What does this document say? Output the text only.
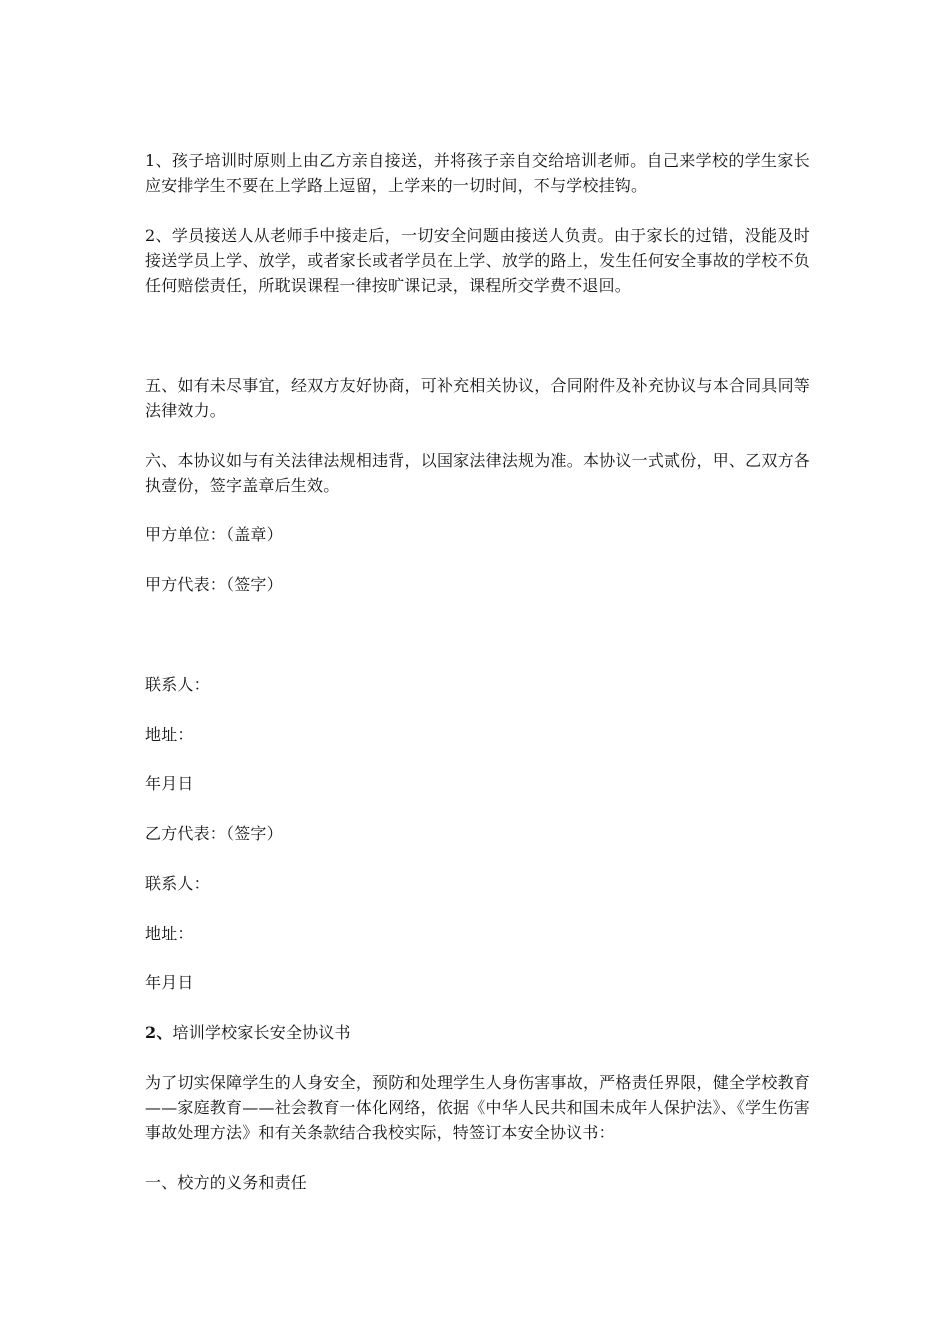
1、孩子培训时原则上由乙方亲自接送，并将孩子亲自交给培训老师。自己来学校的学生家长应安排学生不要在上学路上逗留，上学来的一切时间，不与学校挂钩。

2、学员接送人从老师手中接走后，一切安全问题由接送人负责。由于家长的过错，没能及时接送学员上学、放学，或者家长或者学员在上学、放学的路上，发生任何安全事故的学校不负任何赔偿责任，所耽误课程一律按旷课记录，课程所交学费不退回。

五、如有未尽事宜，经双方友好协商，可补充相关协议，合同附件及补充协议与本合同具同等法律效力。

六、本协议如与有关法律法规相违背，以国家法律法规为准。本协议一式贰份，甲、乙双方各执壹份，签字盖章后生效。

甲方单位：（盖章）

甲方代表：（签字）

联系人：

地址：

年月日

乙方代表：（签字）

联系人：

地址：

年月日

2、培训学校家长安全协议书

为了切实保障学生的人身安全，预防和处理学生人身伤害事故，严格责任界限，健全学校教育——家庭教育——社会教育一体化网络，依据《中华人民共和国未成年人保护法》、《学生伤害事故处理方法》和有关条款结合我校实际，特签订本安全协议书：

一、校方的义务和责任
